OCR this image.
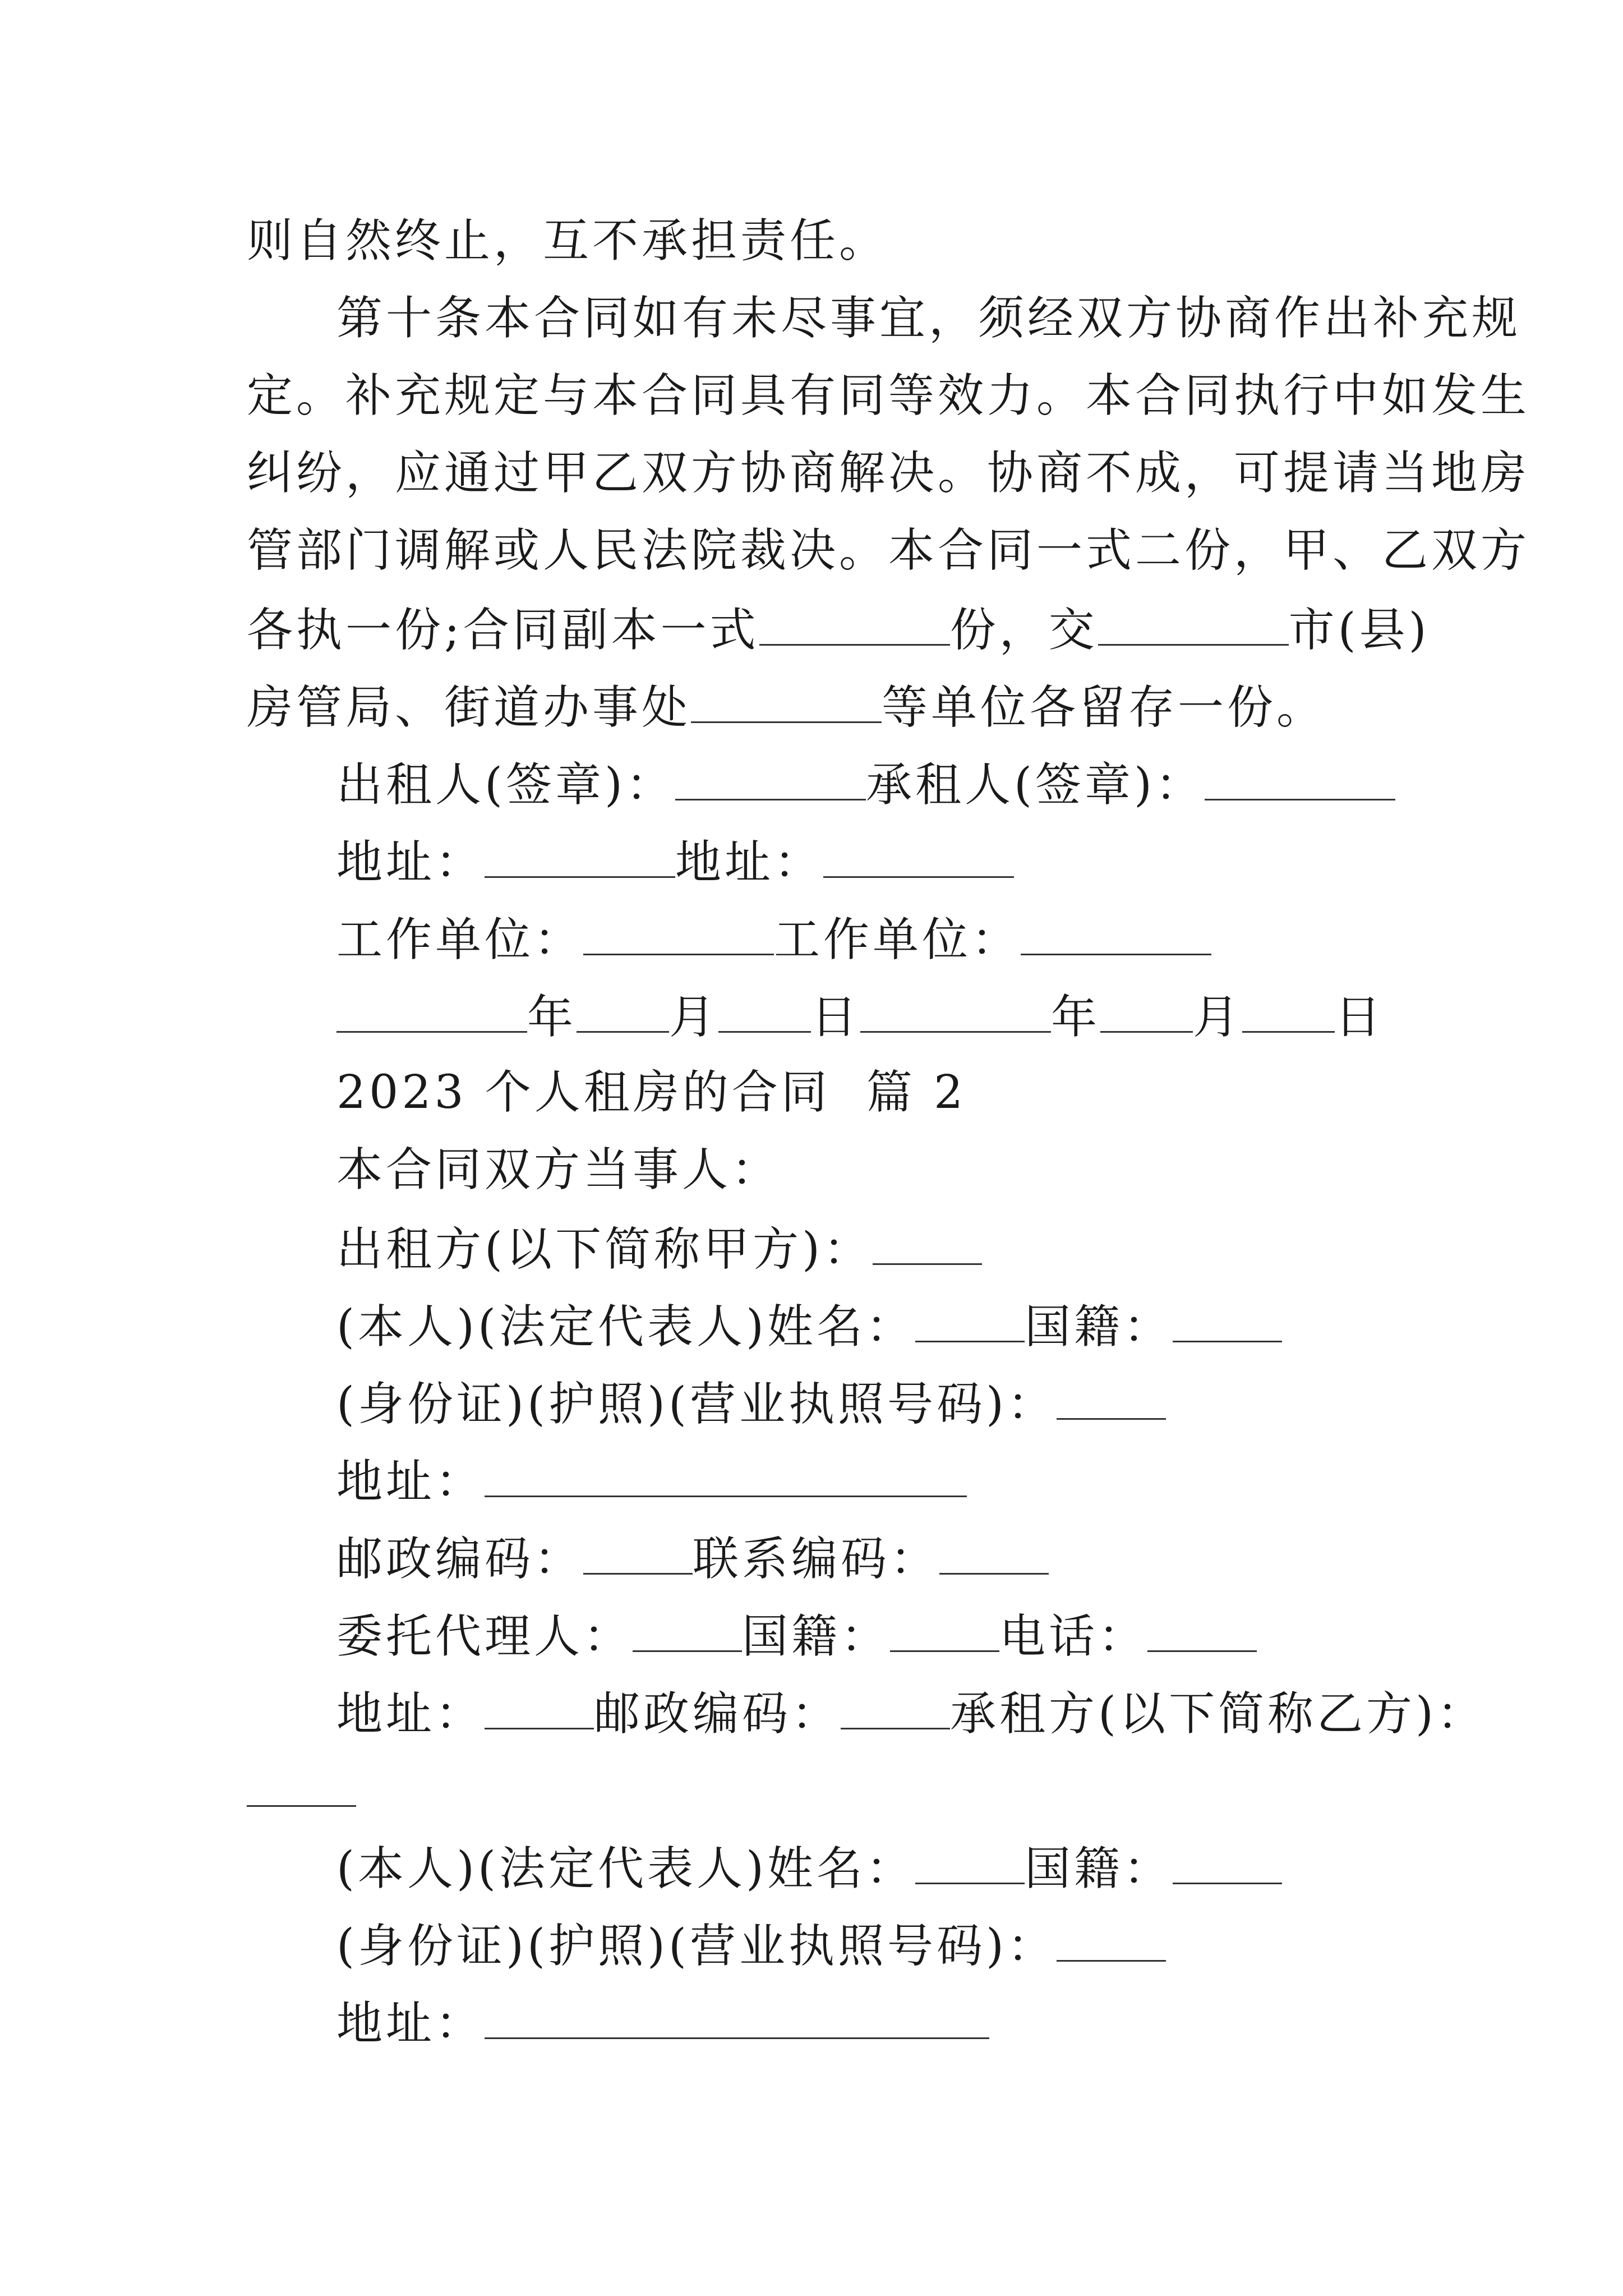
则自然终止，互不承担责任。
第十条本合同如有未尽事宜，须经双方协商作出补充规
定。补充规定与本合同具有同等效力。本合同执行中如发生
纠纷，应通过甲乙双方协商解决。协商不成，可提请当地房
管部门调解或人民法院裁决。本合同一式二份，甲、乙双方
各执一份;合同副本一式	份，交	市(县)
房管局、街道办事处	等单位各留存一份。
出租人(签章)：	承租人(签章)：
地址：	地址：
工作单位：	工作单位：
年 月 日	年 月 日
2023 个人租房的合同  篇 2
本合同双方当事人：
出租方(以下简称甲方)：
(本人)(法定代表人)姓名： 国籍：
(身份证)(护照)(营业执照号码)：
地址：
邮政编码： 联系编码：
委托代理人： 国籍： 电话：
地址： 邮政编码： 承租方(以下简称乙方)：
(本人)(法定代表人)姓名： 国籍：
(身份证)(护照)(营业执照号码)：
地址：
